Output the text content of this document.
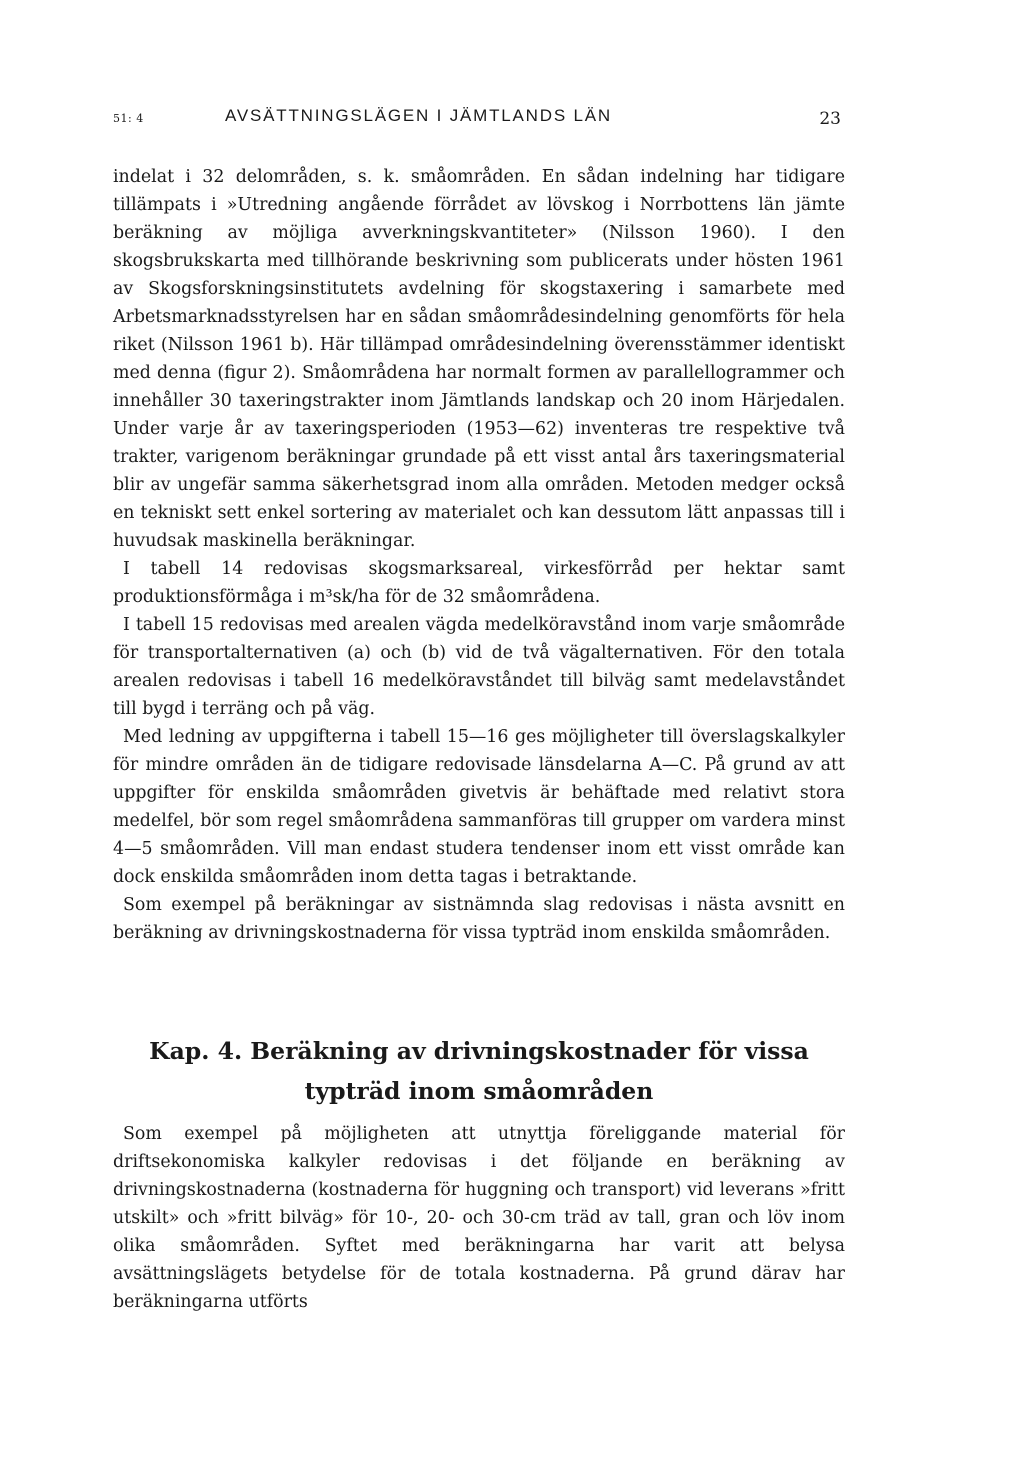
51: 4	AVSÄTTNINGSLÄGEN I JÄMTLANDS LÄN	23

indelat i 32 delområden, s. k. småområden. En sådan indelning har tidigare tillämpats i »Utredning angående förrådet av lövskog i Norrbottens län jämte beräkning av möjliga avverkningskvantiteter» (Nilsson 1960). I den skogsbrukskarta med tillhörande beskrivning som publicerats under hösten 1961 av Skogsforskningsinstitutets avdelning för skogstaxering i samarbete med Arbetsmarknadsstyrelsen har en sådan småområdesindelning genomförts för hela riket (Nilsson 1961 b). Här tillämpad områdesindelning överensstämmer identiskt med denna (figur 2). Småområdena har normalt formen av parallellogrammer och innehåller 30 taxeringstrakter inom Jämtlands landskap och 20 inom Härjedalen. Under varje år av taxeringsperioden (1953—62) inventeras tre respektive två trakter, varigenom beräkningar grundade på ett visst antal års taxeringsmaterial blir av ungefär samma säkerhetsgrad inom alla områden. Metoden medger också en tekniskt sett enkel sortering av materialet och kan dessutom lätt anpassas till i huvudsak maskinella beräkningar.

I tabell 14 redovisas skogsmarksareal, virkesförråd per hektar samt produktionsförmåga i m³sk/ha för de 32 småområdena.

I tabell 15 redovisas med arealen vägda medelköravstånd inom varje småområde för transportalternativen (a) och (b) vid de två vägalternativen. För den totala arealen redovisas i tabell 16 medelköravståndet till bilväg samt medelavståndet till bygd i terräng och på väg.

Med ledning av uppgifterna i tabell 15—16 ges möjligheter till överslagskalkyler för mindre områden än de tidigare redovisade länsdelarna A—C. På grund av att uppgifter för enskilda småområden givetvis är behäftade med relativt stora medelfel, bör som regel småområdena sammanföras till grupper om vardera minst 4—5 småområden. Vill man endast studera tendenser inom ett visst område kan dock enskilda småområden inom detta tagas i betraktande.

Som exempel på beräkningar av sistnämnda slag redovisas i nästa avsnitt en beräkning av drivningskostnaderna för vissa typträd inom enskilda småområden.

Kap. 4. Beräkning av drivningskostnader för vissa
typträd inom småområden

Som exempel på möjligheten att utnyttja föreliggande material för driftsekonomiska kalkyler redovisas i det följande en beräkning av drivningskostnaderna (kostnaderna för huggning och transport) vid leverans »fritt utskilt» och »fritt bilväg» för 10-, 20- och 30-cm träd av tall, gran och löv inom olika småområden. Syftet med beräkningarna har varit att belysa avsättningslägets betydelse för de totala kostnaderna. På grund därav har beräkningarna utförts
